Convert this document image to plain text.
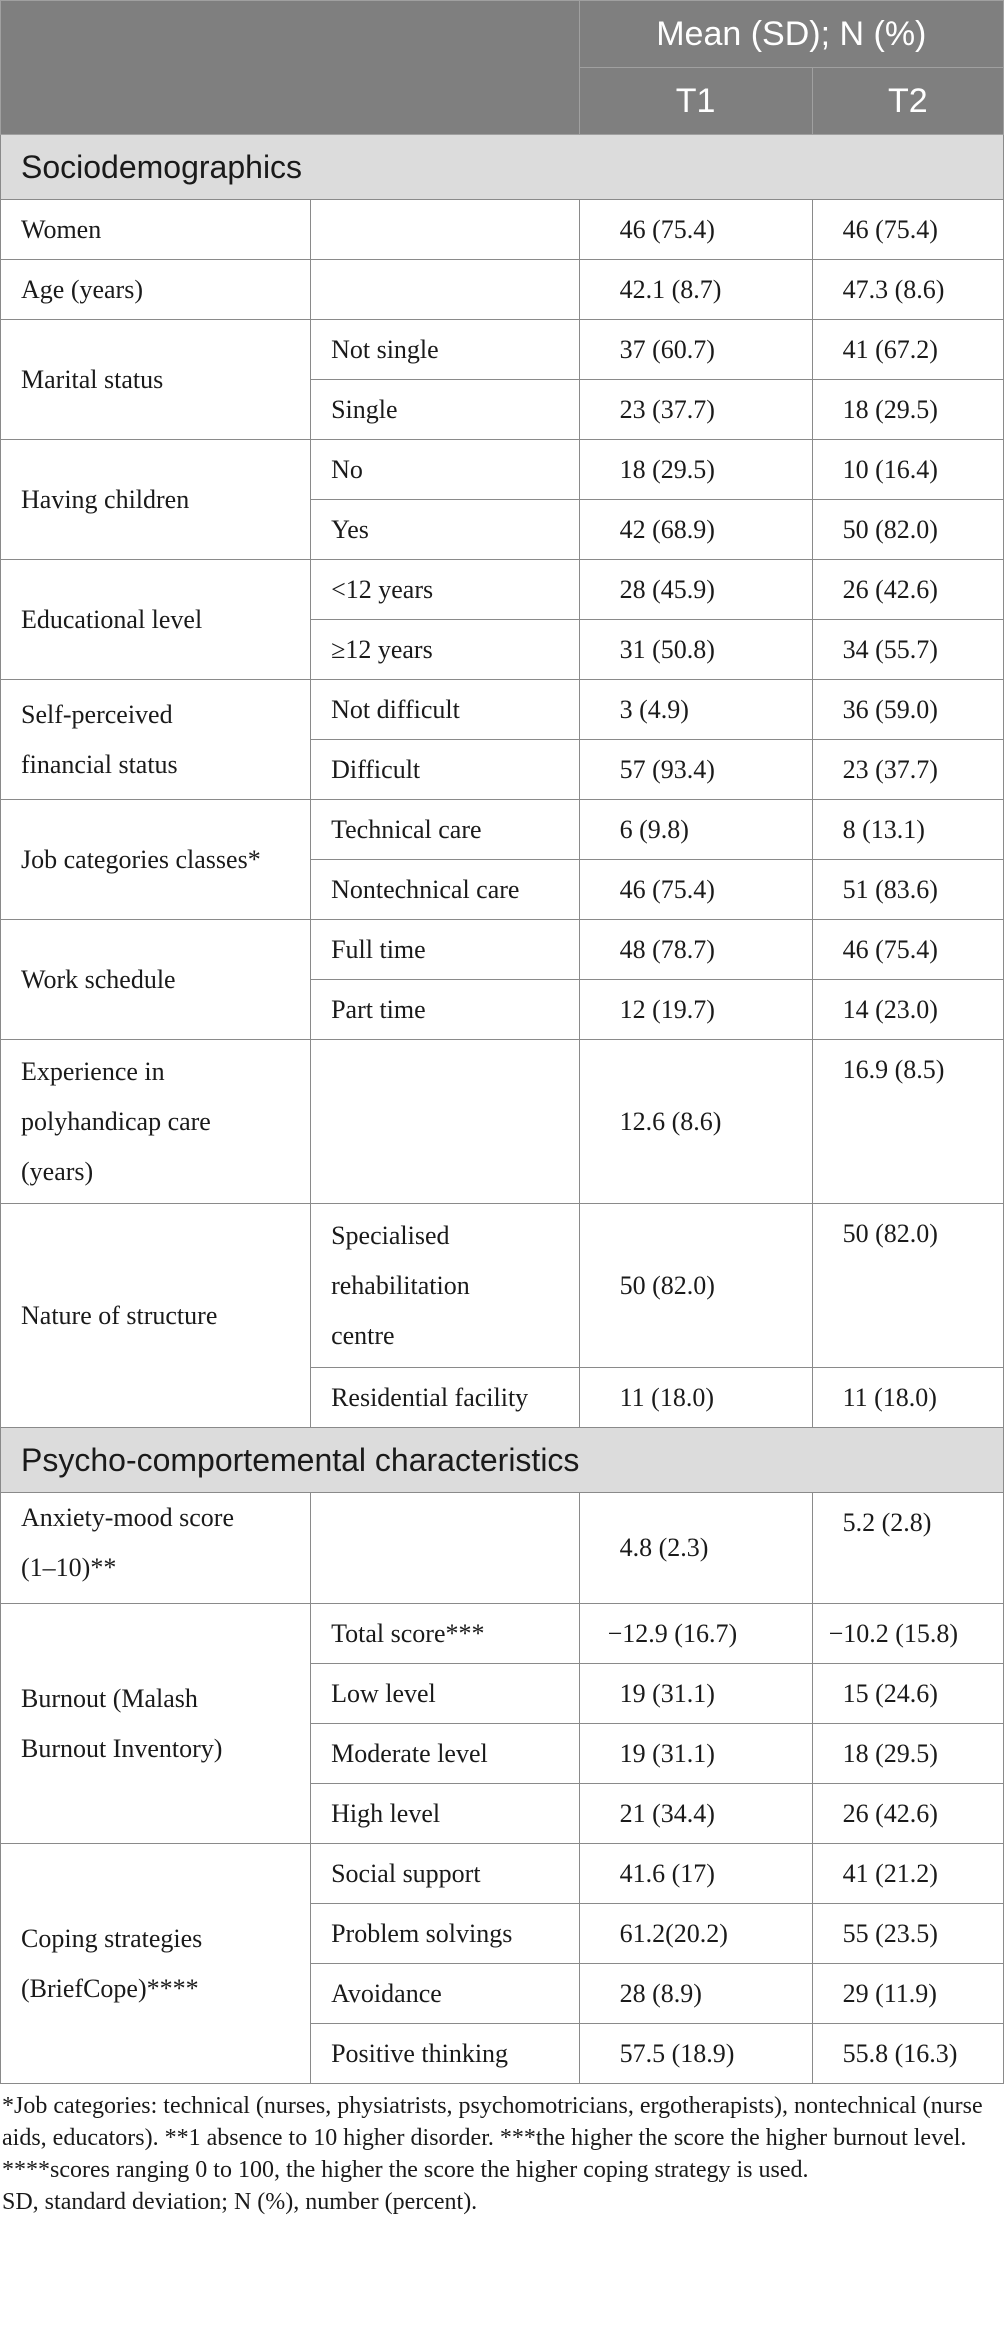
		Mean (SD); N (%)	
		T1	T2
Sociodemographics			
Women		46 (75.4)	46 (75.4)
Age (years)		42.1 (8.7)	47.3 (8.6)
Marital status	Not single	37 (60.7)	41 (67.2)
	Single	23 (37.7)	18 (29.5)
Having children	No	18 (29.5)	10 (16.4)
	Yes	42 (68.9)	50 (82.0)
Educational level	<12 years	28 (45.9)	26 (42.6)
	≥12 years	31 (50.8)	34 (55.7)

Self-perceived
financial status	Not difficult	3 (4.9)	36 (59.0)
	Difficult	57 (93.4)	23 (37.7)
Job categories classes*	Technical care	6 (9.8)	8 (13.1)
	Nontechnical care	46 (75.4)	51 (83.6)
Work schedule	Full time	48 (78.7)	46 (75.4)
	Part time	12 (19.7)	14 (23.0)

Experience in
polyhandicap care
(years)		12.6 (8.6)	16.9 (8.5)
Nature of structure	Specialised
rehabilitation
centre	50 (82.0)	50 (82.0)
	Residential facility	11 (18.0)	11 (18.0)
Psycho-comportemental characteristics			

Anxiety-mood score
(1–10)**		4.8 (2.3)	5.2 (2.8)

Burnout (Malash
Burnout Inventory)	Total score***	−12.9 (16.7)	−10.2 (15.8)
	Low level	19 (31.1)	15 (24.6)
	Moderate level	19 (31.1)	18 (29.5)
	High level	21 (34.4)	26 (42.6)

Coping strategies
(BriefCope)****	Social support	41.6 (17)	41 (21.2)
	Problem solvings	61.2(20.2)	55 (23.5)
	Avoidance	28 (8.9)	29 (11.9)
	Positive thinking	57.5 (18.9)	55.8 (16.3)

*Job categories: technical (nurses, physiatrists, psychomotricians, ergotherapists), nontechnical (nurse aids, educators). **1 absence to 10 higher disorder. ***the higher the score the higher burnout level. ****scores ranging 0 to 100, the higher the score the higher coping strategy is used.

SD, standard deviation; N (%), number (percent).
